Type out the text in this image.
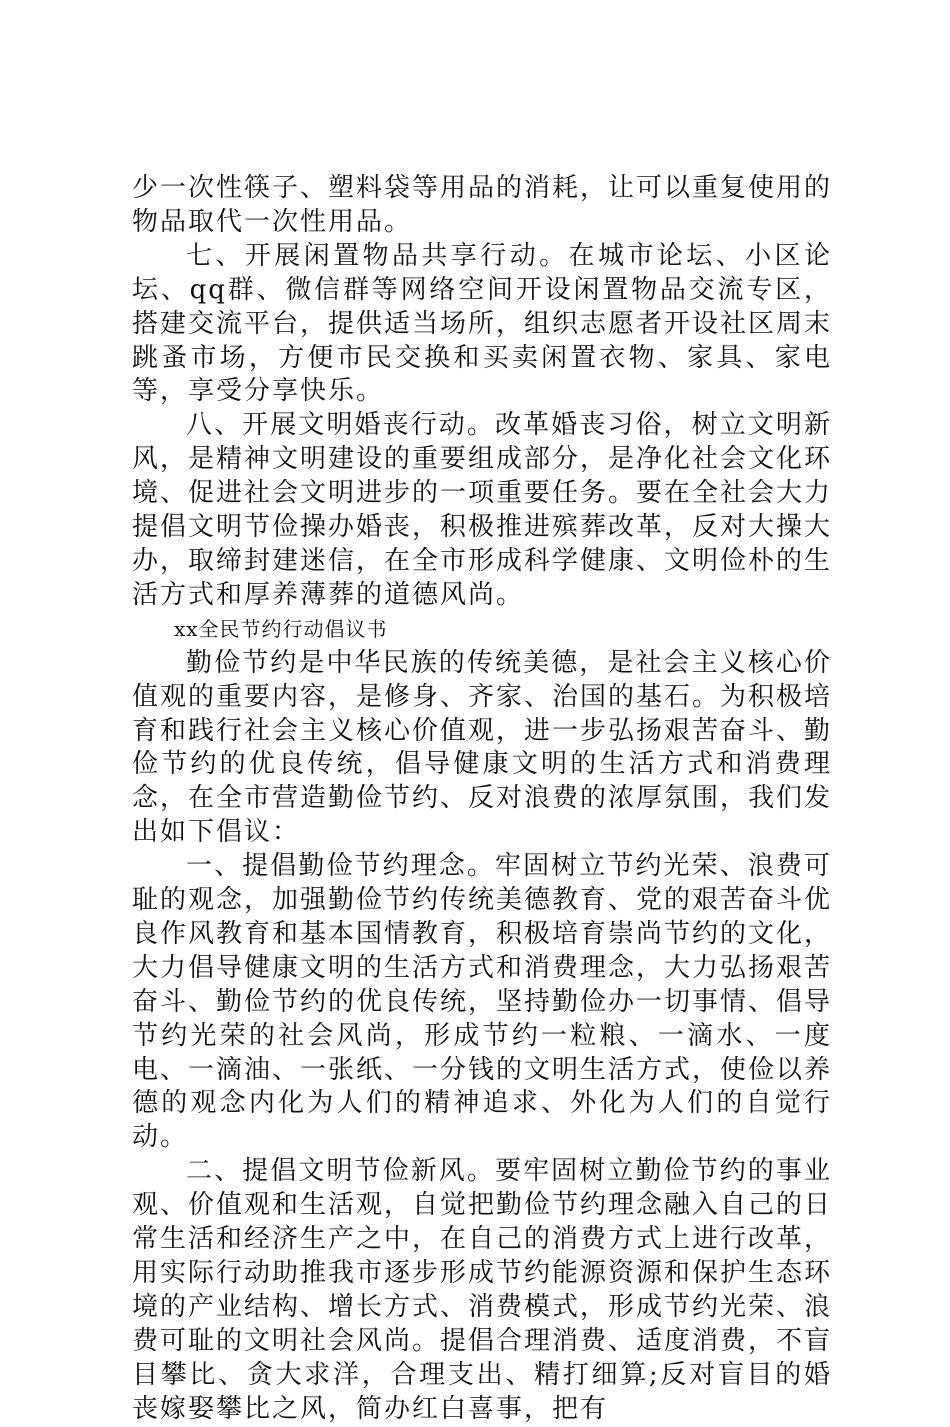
少一次性筷子、塑料袋等用品的消耗，让可以重复使用的物品取代一次性用品。

七、开展闲置物品共享行动。在城市论坛、小区论坛、qq群、微信群等网络空间开设闲置物品交流专区，搭建交流平台，提供适当场所，组织志愿者开设社区周末跳蚤市场，方便市民交换和买卖闲置衣物、家具、家电等，享受分享快乐。

八、开展文明婚丧行动。改革婚丧习俗，树立文明新风，是精神文明建设的重要组成部分，是净化社会文化环境、促进社会文明进步的一项重要任务。要在全社会大力提倡文明节俭操办婚丧，积极推进殡葬改革，反对大操大办，取缔封建迷信，在全市形成科学健康、文明俭朴的生活方式和厚养薄葬的道德风尚。

xx全民节约行动倡议书

勤俭节约是中华民族的传统美德，是社会主义核心价值观的重要内容，是修身、齐家、治国的基石。为积极培育和践行社会主义核心价值观，进一步弘扬艰苦奋斗、勤俭节约的优良传统，倡导健康文明的生活方式和消费理念，在全市营造勤俭节约、反对浪费的浓厚氛围，我们发出如下倡议：

一、提倡勤俭节约理念。牢固树立节约光荣、浪费可耻的观念，加强勤俭节约传统美德教育、党的艰苦奋斗优良作风教育和基本国情教育，积极培育崇尚节约的文化，大力倡导健康文明的生活方式和消费理念，大力弘扬艰苦奋斗、勤俭节约的优良传统，坚持勤俭办一切事情、倡导节约光荣的社会风尚，形成节约一粒粮、一滴水、一度电、一滴油、一张纸、一分钱的文明生活方式，使俭以养德的观念内化为人们的精神追求、外化为人们的自觉行动。

二、提倡文明节俭新风。要牢固树立勤俭节约的事业观、价值观和生活观，自觉把勤俭节约理念融入自己的日常生活和经济生产之中，在自己的消费方式上进行改革，用实际行动助推我市逐步形成节约能源资源和保护生态环境的产业结构、增长方式、消费模式，形成节约光荣、浪费可耻的文明社会风尚。提倡合理消费、适度消费，不盲目攀比、贪大求洋，合理支出、精打细算;反对盲目的婚丧嫁娶攀比之风，简办红白喜事，把有
